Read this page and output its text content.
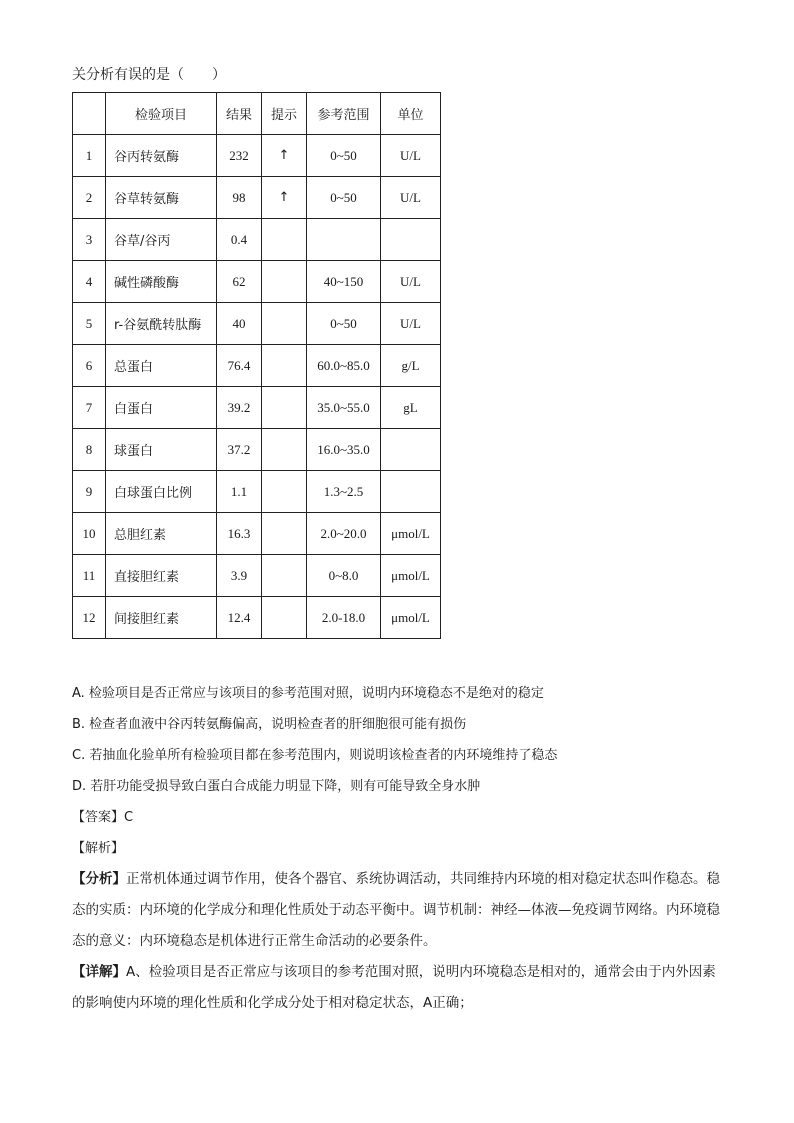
关分析有误的是（　　）
	检验项目	结果	提示	参考范围	单位
1	谷丙转氨酶	232	↑	0~50	U/L
2	谷草转氨酶	98	↑	0~50	U/L
3	谷草/谷丙	0.4			
4	碱性磷酸酶	62		40~150	U/L
5	r-谷氨酰转肽酶	40		0~50	U/L
6	总蛋白	76.4		60.0~85.0	g/L
7	白蛋白	39.2		35.0~55.0	gL
8	球蛋白	37.2		16.0~35.0	
9	白球蛋白比例	1.1		1.3~2.5	
10	总胆红素	16.3		2.0~20.0	μmol/L
11	直接胆红素	3.9		0~8.0	μmol/L
12	间接胆红素	12.4		2.0-18.0	μmol/L
A. 检验项目是否正常应与该项目的参考范围对照，说明内环境稳态不是绝对的稳定
B. 检查者血液中谷丙转氨酶偏高，说明检查者的肝细胞很可能有损伤
C. 若抽血化验单所有检验项目都在参考范围内，则说明该检查者的内环境维持了稳态
D. 若肝功能受损导致白蛋白合成能力明显下降，则有可能导致全身水肿
【答案】C
【解析】

【分析】正常机体通过调节作用，使各个器官、系统协调活动，共同维持内环境的相对稳定状态叫作稳态。稳态的实质：内环境的化学成分和理化性质处于动态平衡中。调节机制：神经—体液—免疫调节网络。内环境稳态的意义：内环境稳态是机体进行正常生命活动的必要条件。

【详解】A、检验项目是否正常应与该项目的参考范围对照，说明内环境稳态是相对的，通常会由于内外因素的影响使内环境的理化性质和化学成分处于相对稳定状态，A正确；
